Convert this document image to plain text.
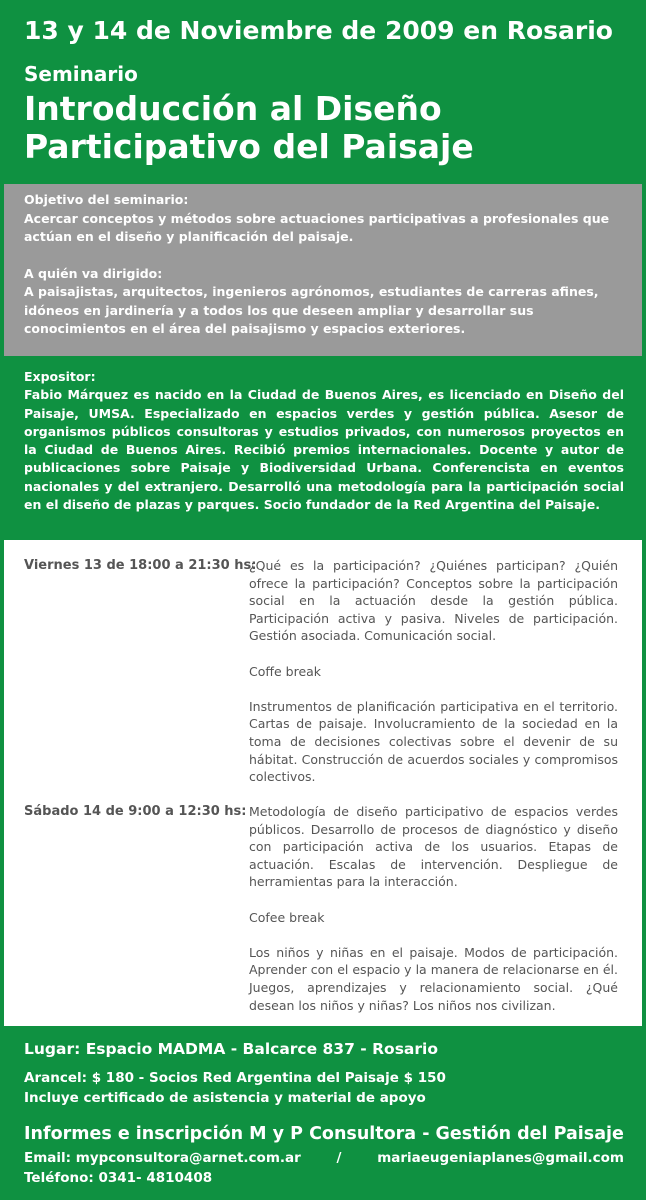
13 y 14 de Noviembre de 2009 en Rosario
Seminario
Introducción al Diseño
Participativo del Paisaje

Objetivo del seminario:

Acercar conceptos y métodos sobre actuaciones participativas a profesionales que actúan en el diseño y planificación del paisaje.

A quién va dirigido:

A paisajistas, arquitectos, ingenieros agrónomos, estudiantes de carreras afines, idóneos en jardinería y a todos los que deseen ampliar y desarrollar sus conocimientos en el área del paisajismo y espacios exteriores.

Expositor:

Fabio Márquez es nacido en la Ciudad de Buenos Aires, es licenciado en Diseño del Paisaje, UMSA. Especializado en espacios verdes y gestión pública. Asesor de organismos públicos consultoras y estudios privados, con numerosos proyectos en la Ciudad de Buenos Aires. Recibió premios internacionales. Docente y autor de publicaciones sobre Paisaje y Biodiversidad Urbana. Conferencista en eventos nacionales y del extranjero. Desarrolló una metodología para la participación social en el diseño de plazas y parques. Socio fundador de la Red Argentina del Paisaje.

Viernes 13 de 18:00 a 21:30 hs:

¿Qué es la participación? ¿Quiénes participan? ¿Quién ofrece la participación? Conceptos sobre la participación social en la actuación desde la gestión pública. Participación activa y pasiva. Niveles de participación. Gestión asociada. Comunicación social.

Coffe break

Instrumentos de planificación participativa en el territorio. Cartas de paisaje. Involucramiento de la sociedad en la toma de decisiones colectivas sobre el devenir de su hábitat. Construcción de acuerdos sociales y compromisos colectivos.

Sábado 14 de 9:00 a 12:30 hs: Metodología de diseño participativo de espacios verdes públicos. Desarrollo de procesos de diagnóstico y diseño con participación activa de los usuarios. Etapas de actuación. Escalas de intervención. Despliegue de herramientas para la interacción.

Cofee break

Los niños y niñas en el paisaje. Modos de participación. Aprender con el espacio y la manera de relacionarse en él. Juegos, aprendizajes y relacionamiento social. ¿Qué desean los niños y niñas? Los niños nos civilizan.

Lugar: Espacio MADMA - Balcarce 837 - Rosario
Arancel: $ 180 - Socios Red Argentina del Paisaje $ 150
Incluye certificado de asistencia y material de apoyo
Informes e inscripción M y P Consultora - Gestión del Paisaje
Email: mypconsultora@arnet.com.ar	/	mariaeugeniaplanes@gmail.com
Teléfono: 0341- 4810408
